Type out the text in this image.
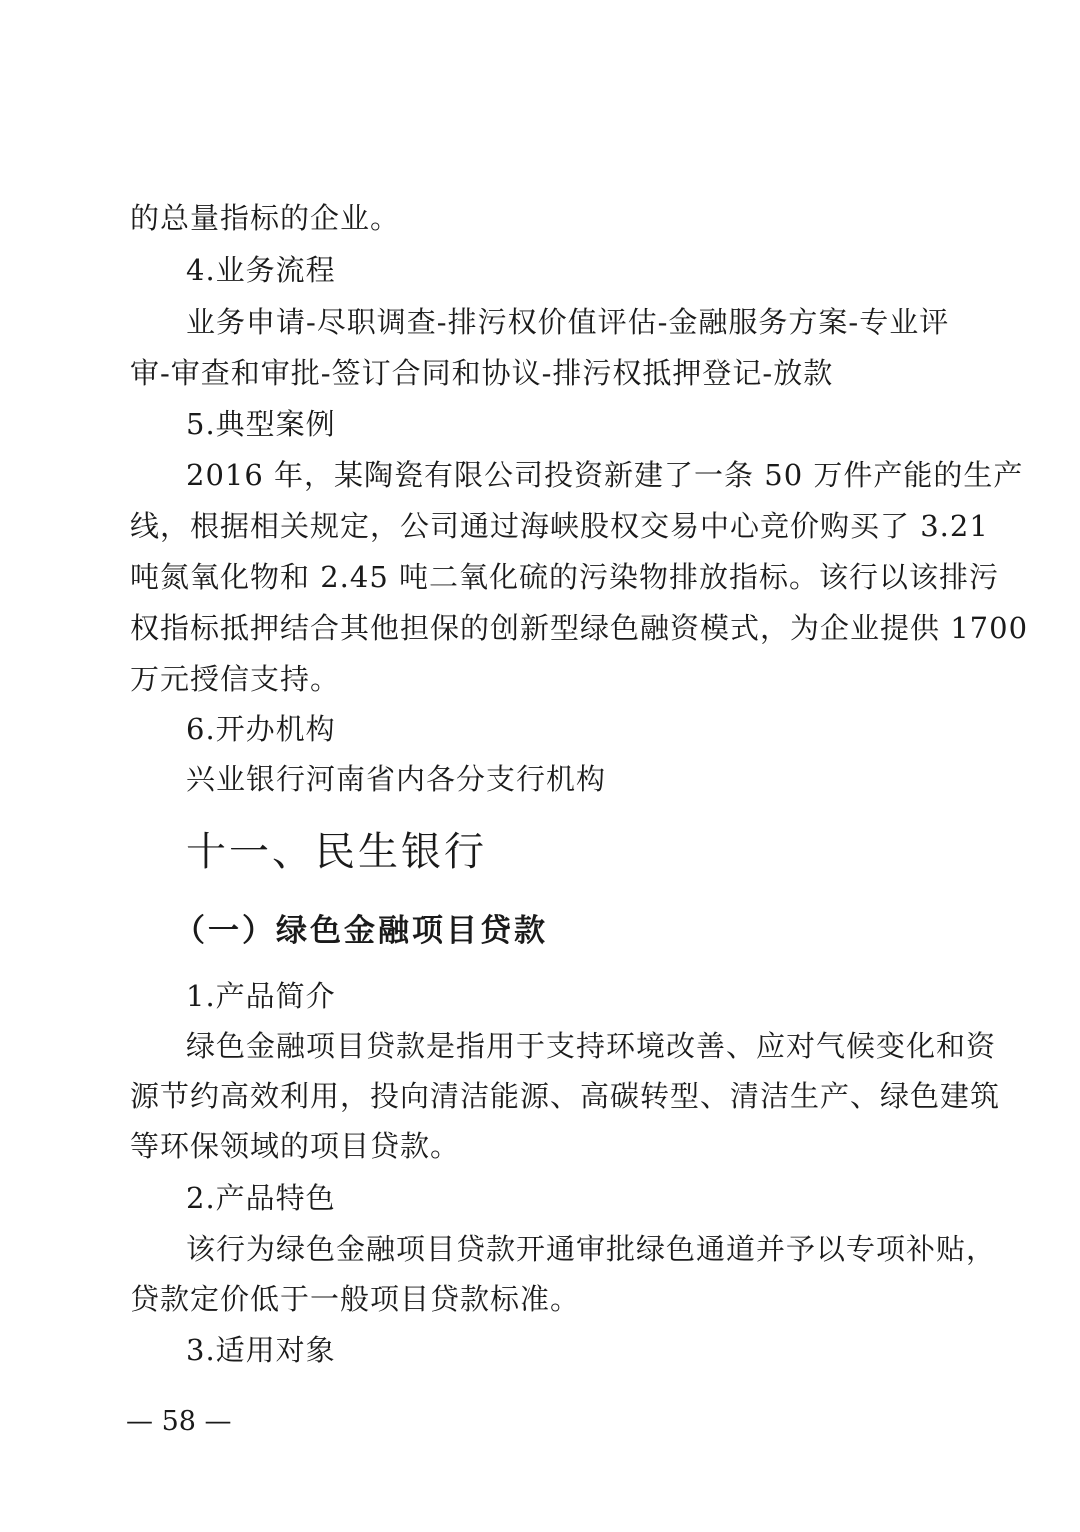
的总量指标的企业。
4.业务流程
业务申请-尽职调查-排污权价值评估-金融服务方案-专业评
审-审查和审批-签订合同和协议-排污权抵押登记-放款
5.典型案例
2016 年，某陶瓷有限公司投资新建了一条 50 万件产能的生产
线，根据相关规定，公司通过海峡股权交易中心竞价购买了 3.21
吨氮氧化物和 2.45 吨二氧化硫的污染物排放指标。该行以该排污
权指标抵押结合其他担保的创新型绿色融资模式，为企业提供 1700
万元授信支持。
6.开办机构
兴业银行河南省内各分支行机构
十一、民生银行
（一）绿色金融项目贷款
1.产品简介
绿色金融项目贷款是指用于支持环境改善、应对气候变化和资
源节约高效利用，投向清洁能源、高碳转型、清洁生产、绿色建筑
等环保领域的项目贷款。
2.产品特色
该行为绿色金融项目贷款开通审批绿色通道并予以专项补贴，
贷款定价低于一般项目贷款标准。
3.适用对象
— 58 —
